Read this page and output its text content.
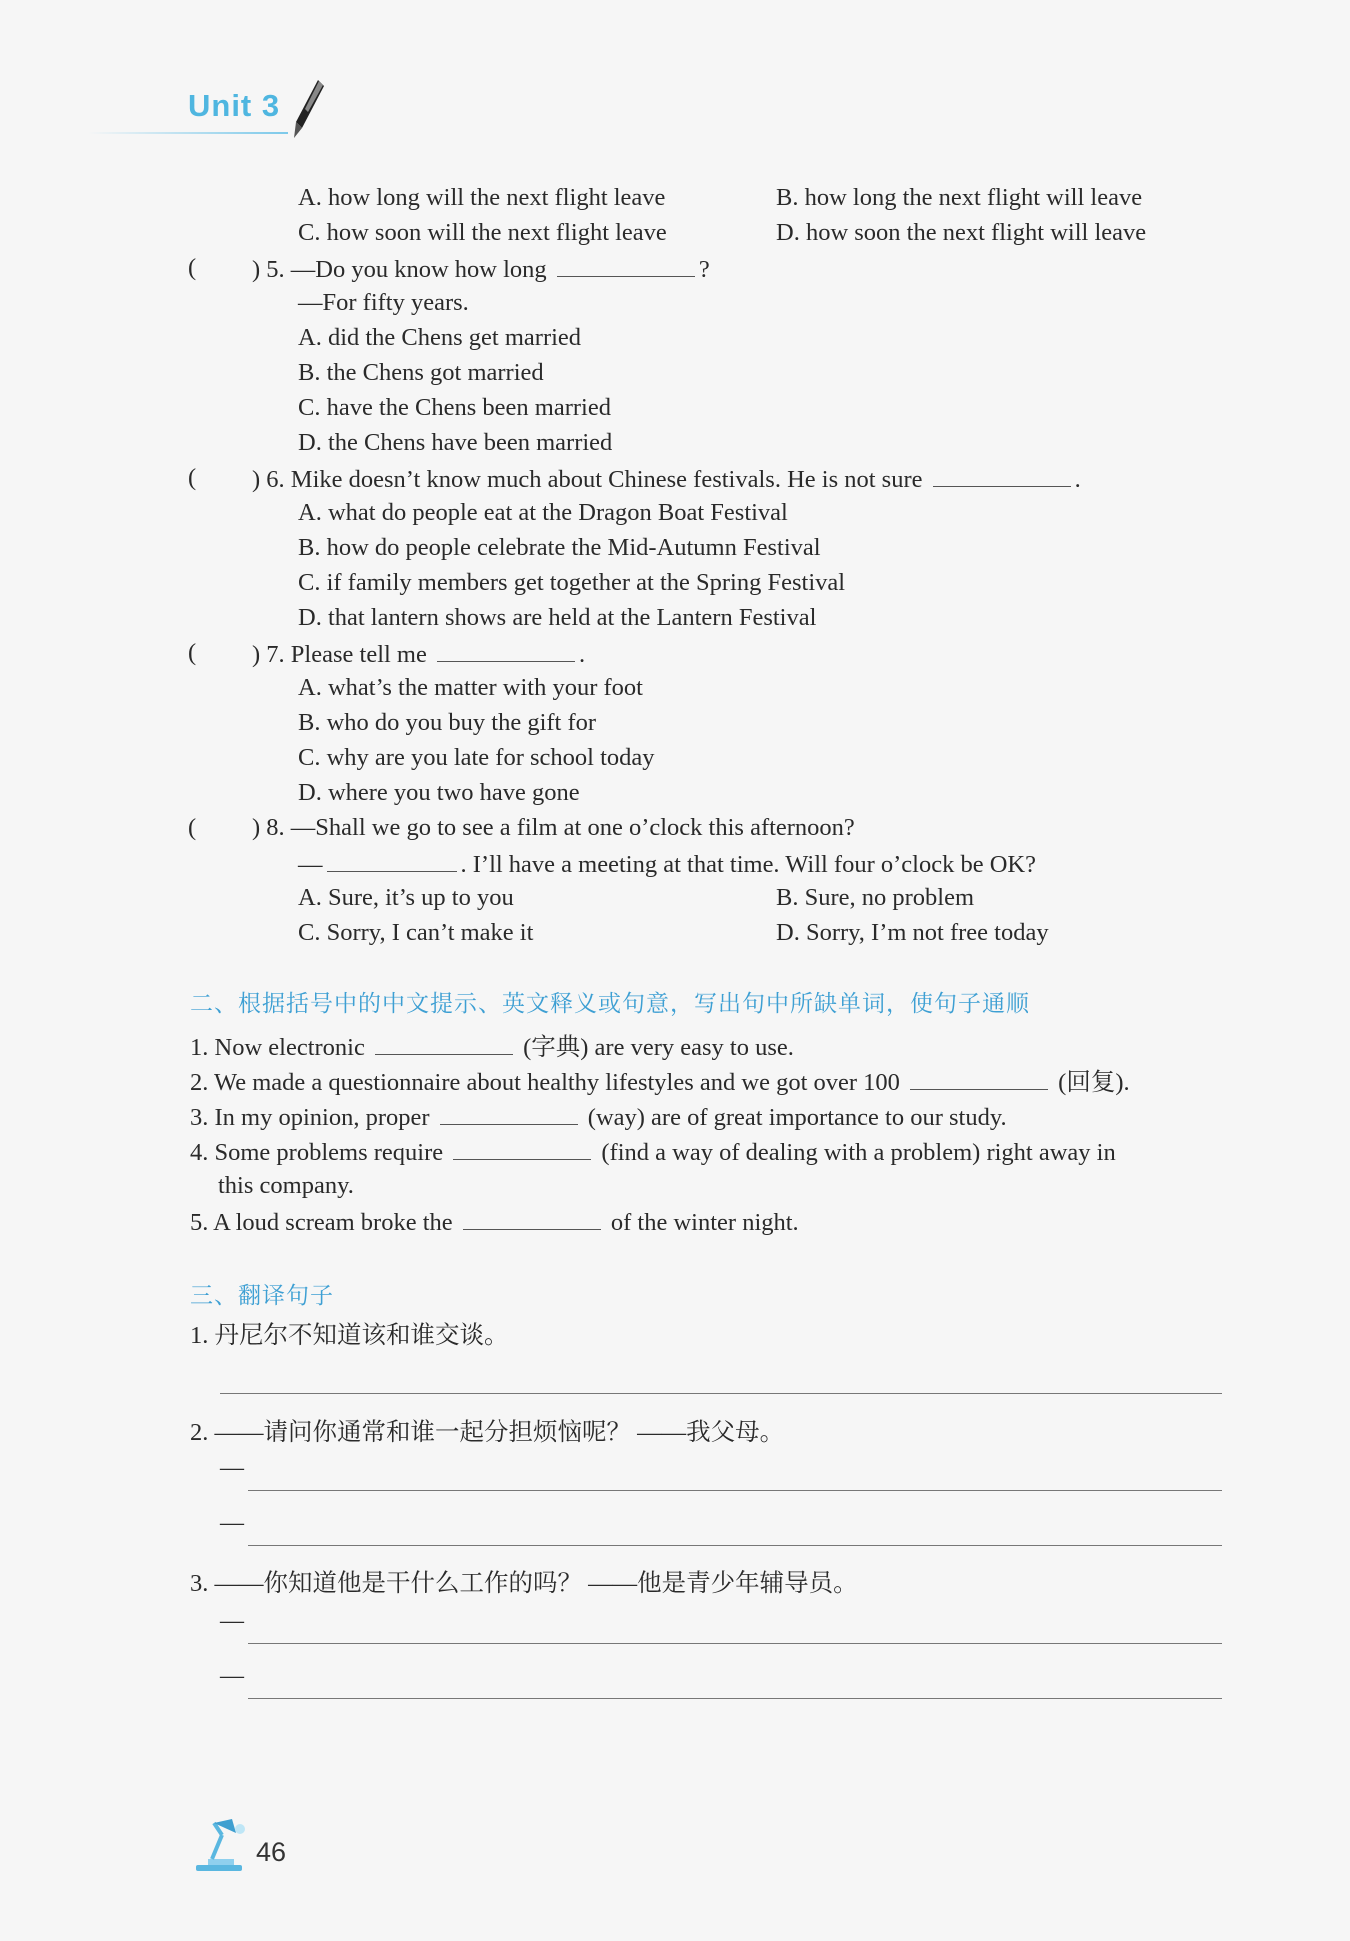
Unit 3
A. how long will the next flight leave	B. how long the next flight will leave
C. how soon will the next flight leave	D. how soon the next flight will leave
( ) 5. —Do you know how long	?
—For fifty years.
A. did the Chens get married
B. the Chens got married
C. have the Chens been married
D. the Chens have been married
( ) 6. Mike doesn’t know much about Chinese festivals. He is not sure	.
A. what do people eat at the Dragon Boat Festival
B. how do people celebrate the Mid-Autumn Festival
C. if family members get together at the Spring Festival
D. that lantern shows are held at the Lantern Festival
( ) 7. Please tell me	.
A. what’s the matter with your foot
B. who do you buy the gift for
C. why are you late for school today
D. where you two have gone
( ) 8. —Shall we go to see a film at one o’clock this afternoon?
—	. I’ll have a meeting at that time. Will four o’clock be OK?
A. Sure, it’s up to you	B. Sure, no problem
C. Sorry, I can’t make it	D. Sorry, I’m not free today
二、根据括号中的中文提示、英文释义或句意，写出句中所缺单词，使句子通顺
1. Now electronic	(字典) are very easy to use.
2. We made a questionnaire about healthy lifestyles and we got over 100	(回复).
3. In my opinion, proper	(way) are of great importance to our study.
4. Some problems require	(find a way of dealing with a problem) right away in
this company.
5. A loud scream broke the	of the winter night.
三、翻译句子
1. 丹尼尔不知道该和谁交谈。
2. ——请问你通常和谁一起分担烦恼呢？ ——我父母。
—
—
3. ——你知道他是干什么工作的吗？ ——他是青少年辅导员。
—
—
46
